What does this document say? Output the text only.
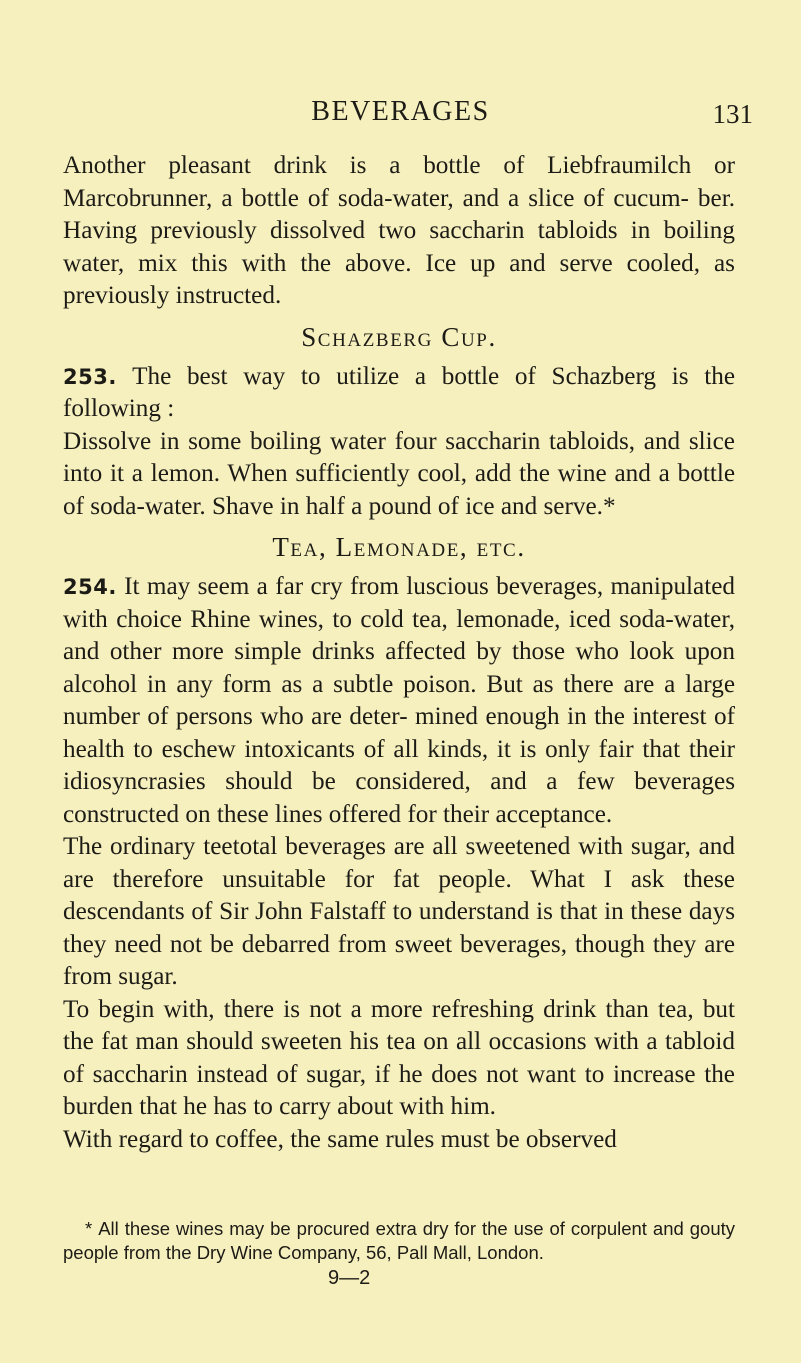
BEVERAGES	131

Another pleasant drink is a bottle of Liebfraumilch or Marcobrunner, a bottle of soda-water, and a slice of cucum- ber. Having previously dissolved two saccharin tabloids in boiling water, mix this with the above. Ice up and serve cooled, as previously instructed.

Schazberg Cup.

253. The best way to utilize a bottle of Schazberg is the following :

Dissolve in some boiling water four saccharin tabloids, and slice into it a lemon. When sufficiently cool, add the wine and a bottle of soda-water. Shave in half a pound of ice and serve.*

Tea, Lemonade, etc.

254. It may seem a far cry from luscious beverages, manipulated with choice Rhine wines, to cold tea, lemonade, iced soda-water, and other more simple drinks affected by those who look upon alcohol in any form as a subtle poison. But as there are a large number of persons who are deter- mined enough in the interest of health to eschew intoxicants of all kinds, it is only fair that their idiosyncrasies should be considered, and a few beverages constructed on these lines offered for their acceptance.

The ordinary teetotal beverages are all sweetened with sugar, and are therefore unsuitable for fat people. What I ask these descendants of Sir John Falstaff to understand is that in these days they need not be debarred from sweet beverages, though they are from sugar.

To begin with, there is not a more refreshing drink than tea, but the fat man should sweeten his tea on all occasions with a tabloid of saccharin instead of sugar, if he does not want to increase the burden that he has to carry about with him.

With regard to coffee, the same rules must be observed

* All these wines may be procured extra dry for the use of corpulent and gouty people from the Dry Wine Company, 56, Pall Mall, London.
9—2
